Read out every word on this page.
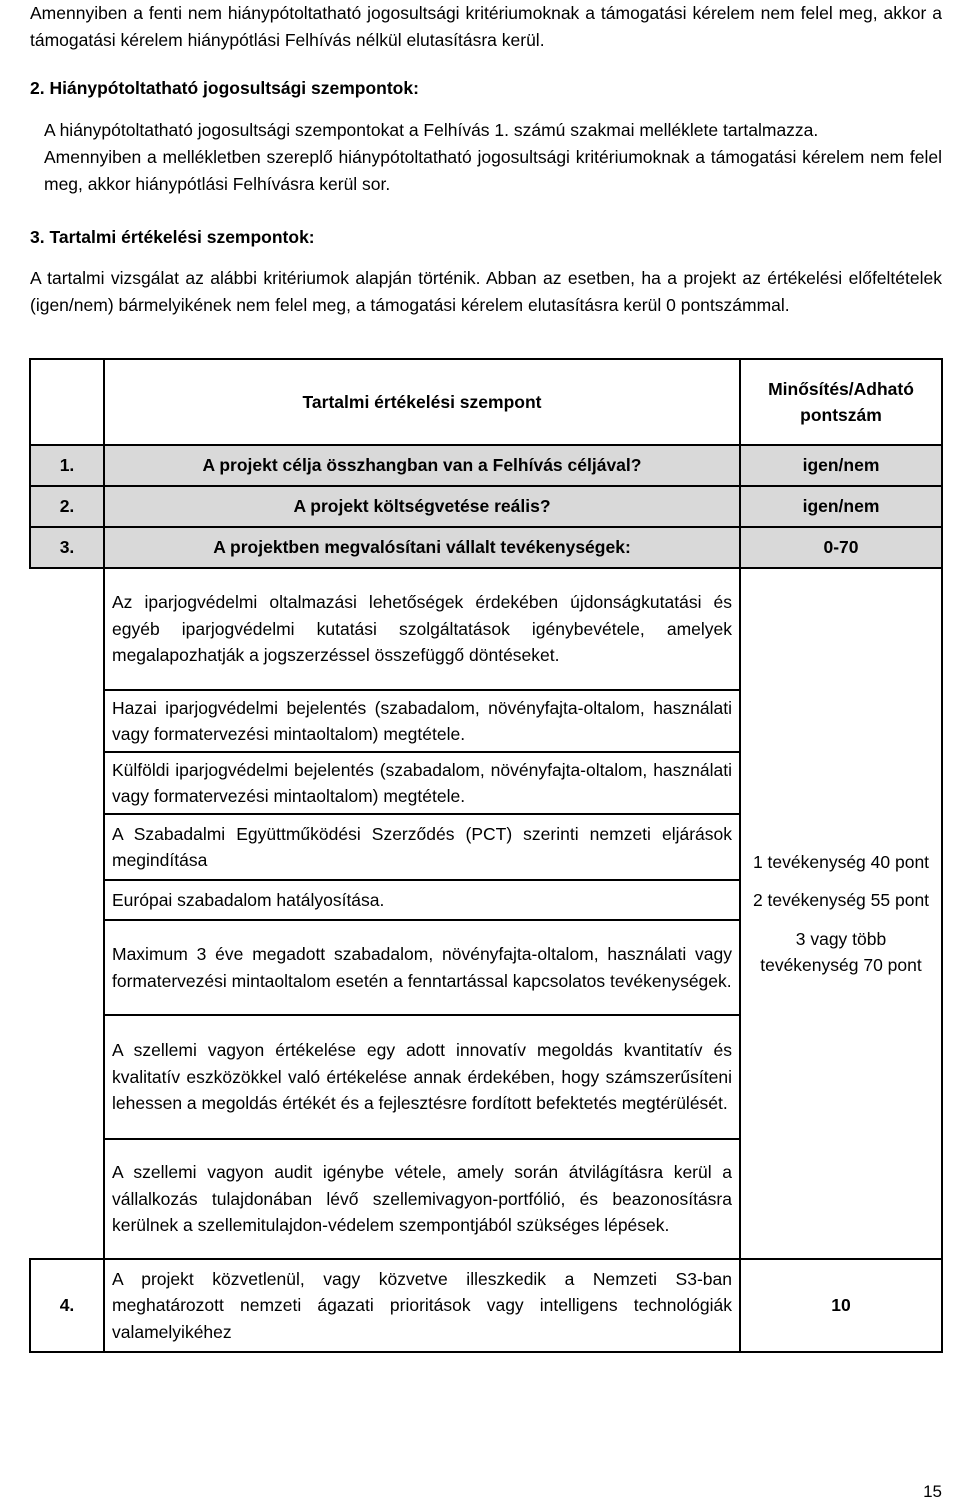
Amennyiben a fenti nem hiánypótoltatható jogosultsági kritériumoknak a támogatási kérelem nem felel meg, akkor a támogatási kérelem hiánypótlási Felhívás nélkül elutasításra kerül.

2. Hiánypótoltatható jogosultsági szempontok:

A hiánypótoltatható jogosultsági szempontokat a Felhívás 1. számú szakmai melléklete tartalmazza.

Amennyiben a mellékletben szereplő hiánypótoltatható jogosultsági kritériumoknak a támogatási kérelem nem felel meg, akkor hiánypótlási Felhívásra kerül sor.

3. Tartalmi értékelési szempontok:

A tartalmi vizsgálat az alábbi kritériumok alapján történik. Abban az esetben, ha a projekt az értékelési előfeltételek (igen/nem) bármelyikének nem felel meg, a támogatási kérelem elutasításra kerül 0 pontszámmal.

	Tartalmi értékelési szempont	Minősítés/Adható pontszám
1.	A projekt célja összhangban van a Felhívás céljával?	igen/nem
2.	A projekt költségvetése reális?	igen/nem
3.	A projektben megvalósítani vállalt tevékenységek:	0-70
	Az iparjogvédelmi oltalmazási lehetőségek érdekében újdonságkutatási és egyéb iparjogvédelmi kutatási szolgáltatások igénybevétele, amelyek megalapozhatják a jogszerzéssel összefüggő döntéseket.	1 tevékenység 40 pont
2 tevékenység 55 pont
3 vagy több tevékenység 70 pont

	Hazai iparjogvédelmi bejelentés (szabadalom, növényfajta-oltalom, használati vagy formatervezési mintaoltalom) megtétele.	
	Külföldi iparjogvédelmi bejelentés (szabadalom, növényfajta-oltalom, használati vagy formatervezési mintaoltalom) megtétele.	
	A Szabadalmi Együttműködési Szerződés (PCT) szerinti nemzeti eljárások megindítása	
	Európai szabadalom hatályosítása.	
	Maximum 3 éve megadott szabadalom, növényfajta-oltalom, használati vagy formatervezési mintaoltalom esetén a fenntartással kapcsolatos tevékenységek.	
	A szellemi vagyon értékelése egy adott innovatív megoldás kvantitatív és kvalitatív eszközökkel való értékelése annak érdekében, hogy számszerűsíteni lehessen a megoldás értékét és a fejlesztésre fordított befektetés megtérülését.	
	A szellemi vagyon audit igénybe vétele, amely során átvilágításra kerül a vállalkozás tulajdonában lévő szellemivagyon-portfólió, és beazonosításra kerülnek a szellemitulajdon-védelem szempontjából szükséges lépések.	
4.	A projekt közvetlenül, vagy közvetve illeszkedik a Nemzeti S3-ban meghatározott nemzeti ágazati prioritások vagy intelligens technológiák valamelyikéhez	10
15
